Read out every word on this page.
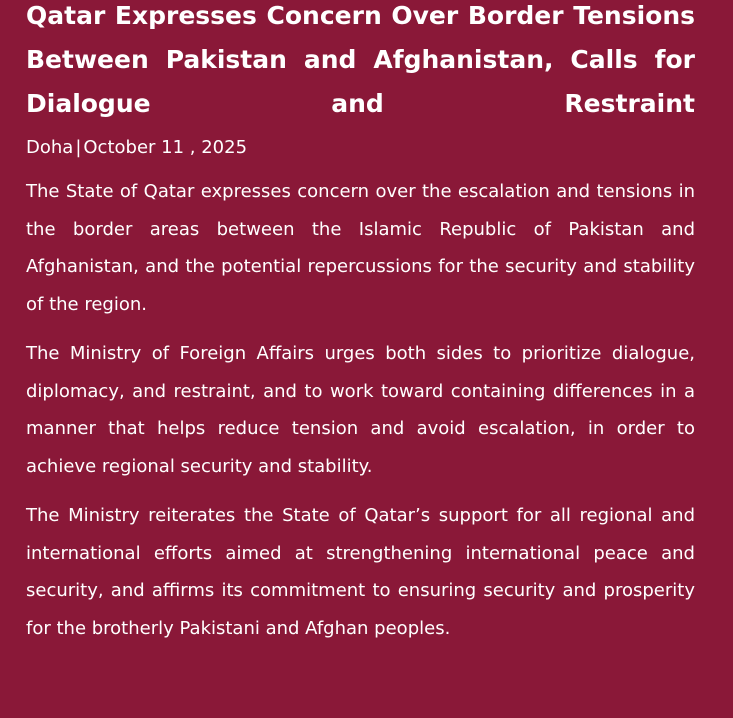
Qatar Expresses Concern Over Border Tensions Between Pakistan and Afghanistan, Calls for Dialogue and Restraint
Doha | October 11 , 2025

The State of Qatar expresses concern over the escalation and tensions in the border areas between the Islamic Republic of Pakistan and Afghanistan, and the potential repercussions for the security and stability of the region.

The Ministry of Foreign Affairs urges both sides to prioritize dialogue, diplomacy, and restraint, and to work toward containing differences in a manner that helps reduce tension and avoid escalation, in order to achieve regional security and stability.

The Ministry reiterates the State of Qatar’s support for all regional and international efforts aimed at strengthening international peace and security, and affirms its commitment to ensuring security and prosperity for the brotherly Pakistani and Afghan peoples.
